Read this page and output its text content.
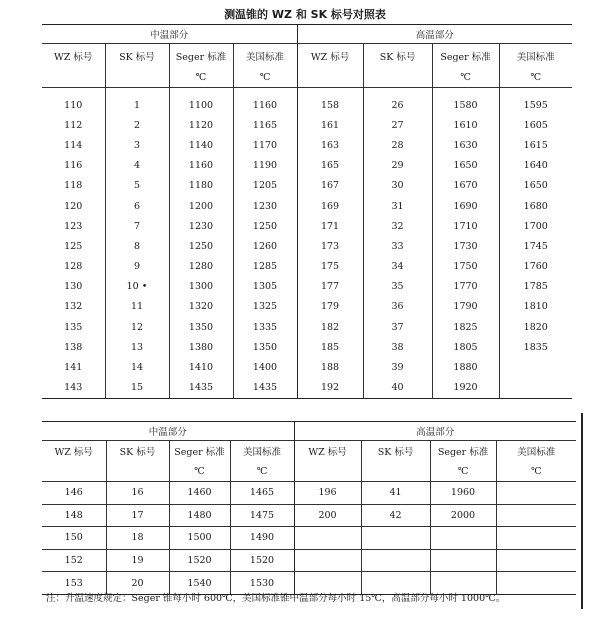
测温锥的 WZ 和 SK 标号对照表
中温部分				高温部分			
WZ 标号	SK 标号	Seger 标准	美国标准	WZ 标号	SK 标号	Seger 标准	美国标准
		℃	℃			℃	℃
110	1	1100	1160	158	26	1580	1595
112	2	1120	1165	161	27	1610	1605
114	3	1140	1170	163	28	1630	1615
116	4	1160	1190	165	29	1650	1640
118	5	1180	1205	167	30	1670	1650
120	6	1200	1230	169	31	1690	1680
123	7	1230	1250	171	32	1710	1700
125	8	1250	1260	173	33	1730	1745
128	9	1280	1285	175	34	1750	1760
130	10 •	1300	1305	177	35	1770	1785
132	11	1320	1325	179	36	1790	1810
135	12	1350	1335	182	37	1825	1820
138	13	1380	1350	185	38	1805	1835
141	14	1410	1400	188	39	1880	
143	15	1435	1435	192	40	1920	
中温部分				高温部分			
WZ 标号	SK 标号	Seger 标准	美国标准	WZ 标号	SK 标号	Seger 标准	美国标准
		℃	℃			℃	℃
146	16	1460	1465	196	41	1960	
148	17	1480	1475	200	42	2000	
150	18	1500	1490				
152	19	1520	1520				
153	20	1540	1530				
注：升温速度规定：Seger 锥每小时 600℃，美国标准锥中温部分每小时 15℃，高温部分每小时 1000℃。
